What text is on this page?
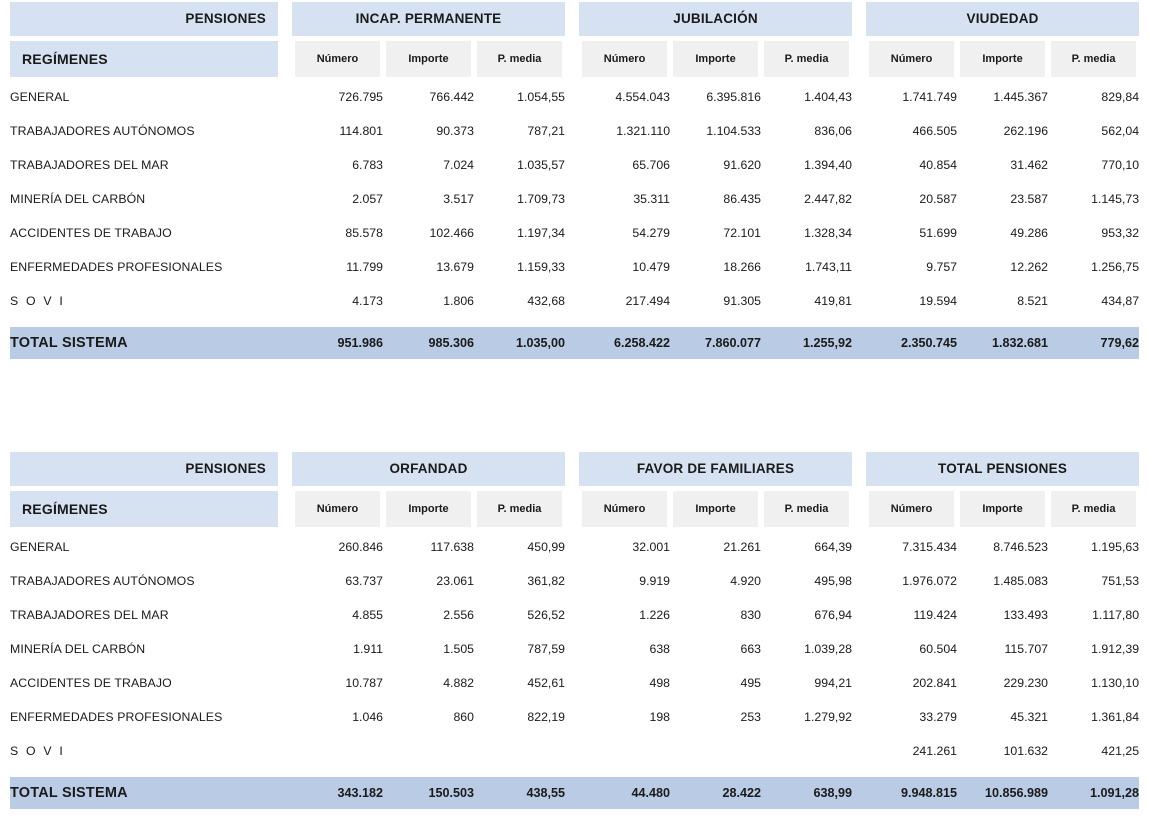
PENSIONES		INCAP. PERMANENTE				JUBILACIÓN				VIUDEDAD		

REGÍMENES		Número	Importe	P. media		Número	Importe	P. media		Número	Importe	P. media

GENERAL		726.795	766.442	1.054,55		4.554.043	6.395.816	1.404,43		1.741.749	1.445.367	829,84
TRABAJADORES AUTÓNOMOS		114.801	90.373	787,21		1.321.110	1.104.533	836,06		466.505	262.196	562,04
TRABAJADORES DEL MAR		6.783	7.024	1.035,57		65.706	91.620	1.394,40		40.854	31.462	770,10
MINERÍA DEL CARBÓN		2.057	3.517	1.709,73		35.311	86.435	2.447,82		20.587	23.587	1.145,73
ACCIDENTES DE TRABAJO		85.578	102.466	1.197,34		54.279	72.101	1.328,34		51.699	49.286	953,32
ENFERMEDADES PROFESIONALES		11.799	13.679	1.159,33		10.479	18.266	1.743,11		9.757	12.262	1.256,75
S O V I		4.173	1.806	432,68		217.494	91.305	419,81		19.594	8.521	434,87

TOTAL SISTEMA		951.986	985.306	1.035,00		6.258.422	7.860.077	1.255,92		2.350.745	1.832.681	779,62

PENSIONES		ORFANDAD				FAVOR DE FAMILIARES				TOTAL PENSIONES		

REGÍMENES		Número	Importe	P. media		Número	Importe	P. media		Número	Importe	P. media

GENERAL		260.846	117.638	450,99		32.001	21.261	664,39		7.315.434	8.746.523	1.195,63
TRABAJADORES AUTÓNOMOS		63.737	23.061	361,82		9.919	4.920	495,98		1.976.072	1.485.083	751,53
TRABAJADORES DEL MAR		4.855	2.556	526,52		1.226	830	676,94		119.424	133.493	1.117,80
MINERÍA DEL CARBÓN		1.911	1.505	787,59		638	663	1.039,28		60.504	115.707	1.912,39
ACCIDENTES DE TRABAJO		10.787	4.882	452,61		498	495	994,21		202.841	229.230	1.130,10
ENFERMEDADES PROFESIONALES		1.046	860	822,19		198	253	1.279,92		33.279	45.321	1.361,84
S O V I										241.261	101.632	421,25

TOTAL SISTEMA		343.182	150.503	438,55		44.480	28.422	638,99		9.948.815	10.856.989	1.091,28
